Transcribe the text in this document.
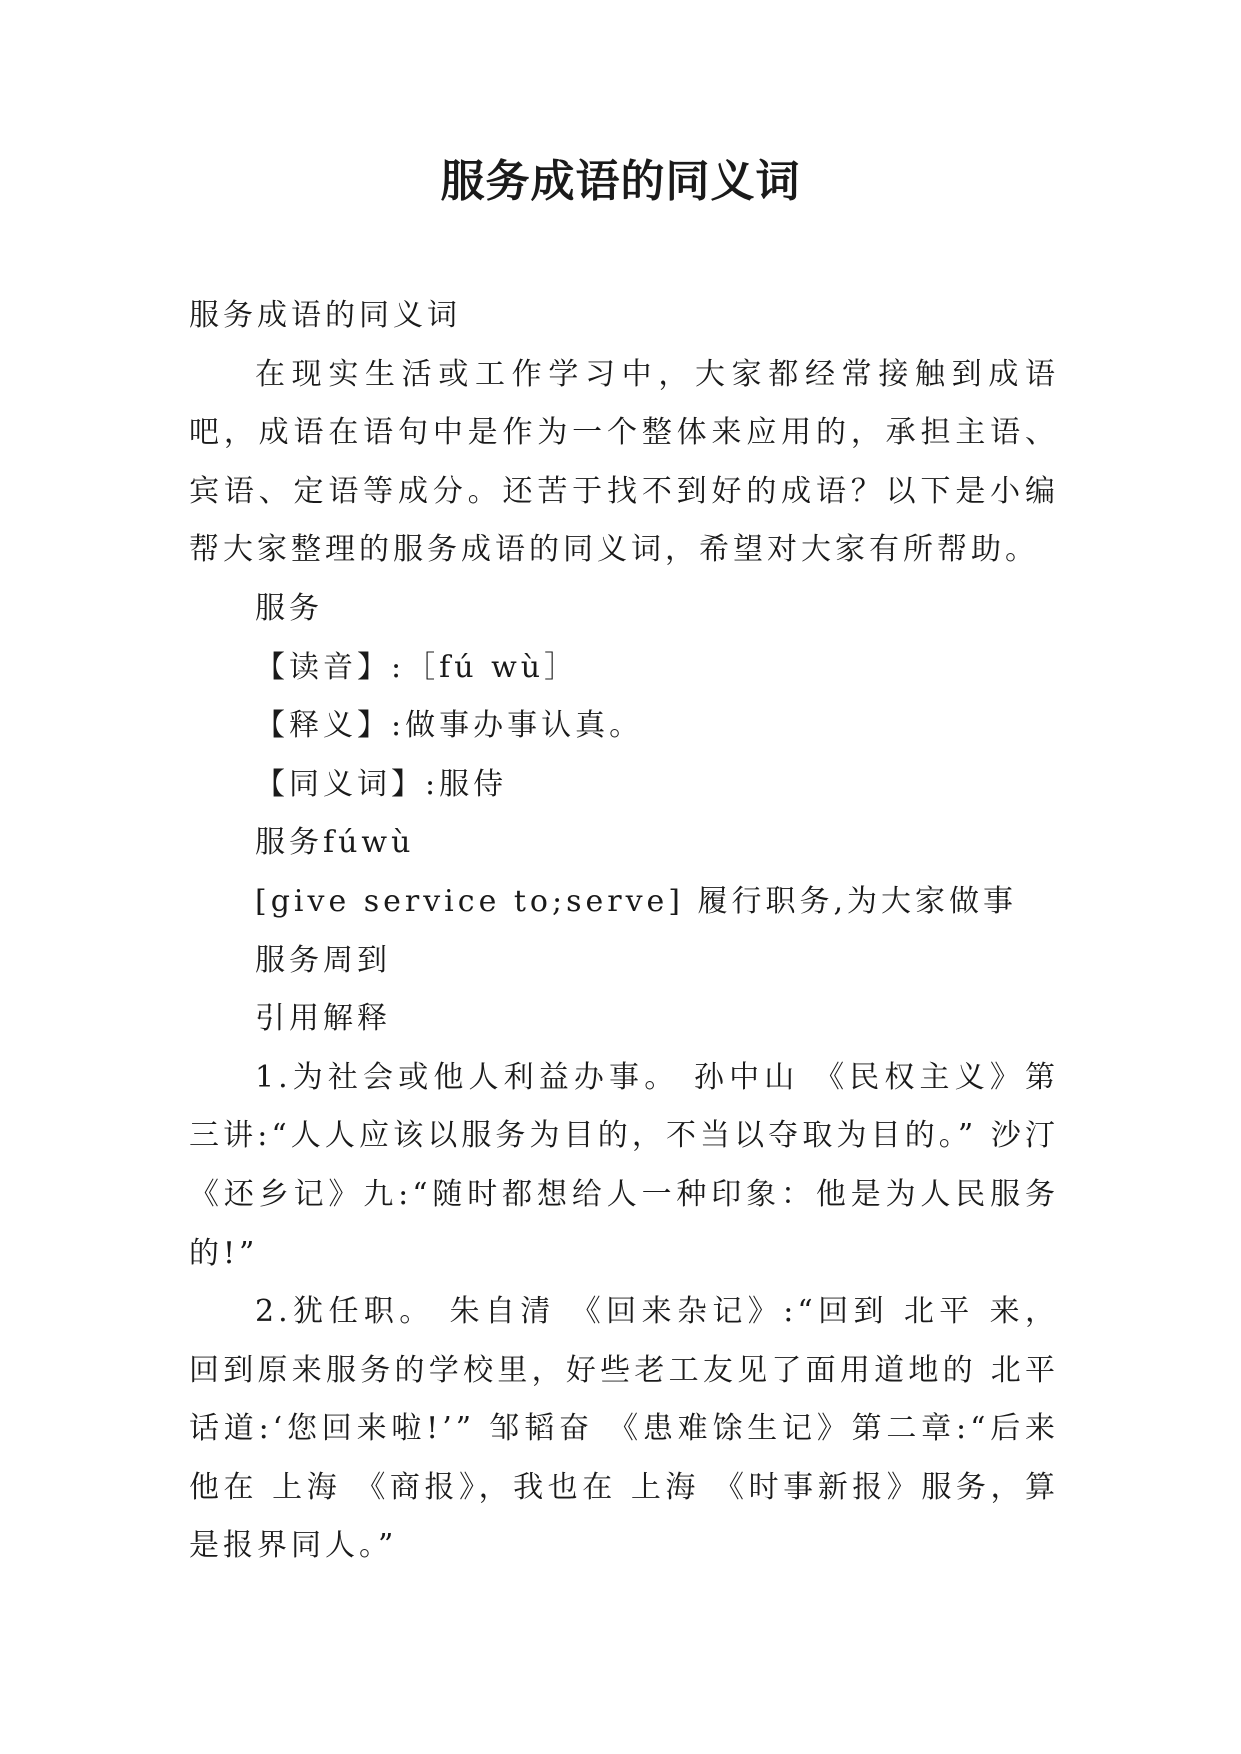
服务成语的同义词

服务成语的同义词

在现实生活或工作学习中，大家都经常接触到成语吧，成语在语句中是作为一个整体来应用的，承担主语、宾语、定语等成分。还苦于找不到好的成语？以下是小编帮大家整理的服务成语的同义词，希望对大家有所帮助。

服务

【读音】:［fú wù］

【释义】:做事办事认真。

【同义词】:服侍

服务fúwù

[give service to;serve] 履行职务,为大家做事

服务周到

引用解释

1.为社会或他人利益办事。 孙中山 《民权主义》第三讲:“人人应该以服务为目的，不当以夺取为目的。” 沙汀 《还乡记》九:“随时都想给人一种印象：他是为人民服务的!”

2.犹任职。 朱自清 《回来杂记》:“回到 北平 来，回到原来服务的学校里，好些老工友见了面用道地的 北平 话道:‘您回来啦!’” 邹韬奋 《患难馀生记》第二章:“后来他在 上海 《商报》，我也在 上海 《时事新报》服务，算是报界同人。”
